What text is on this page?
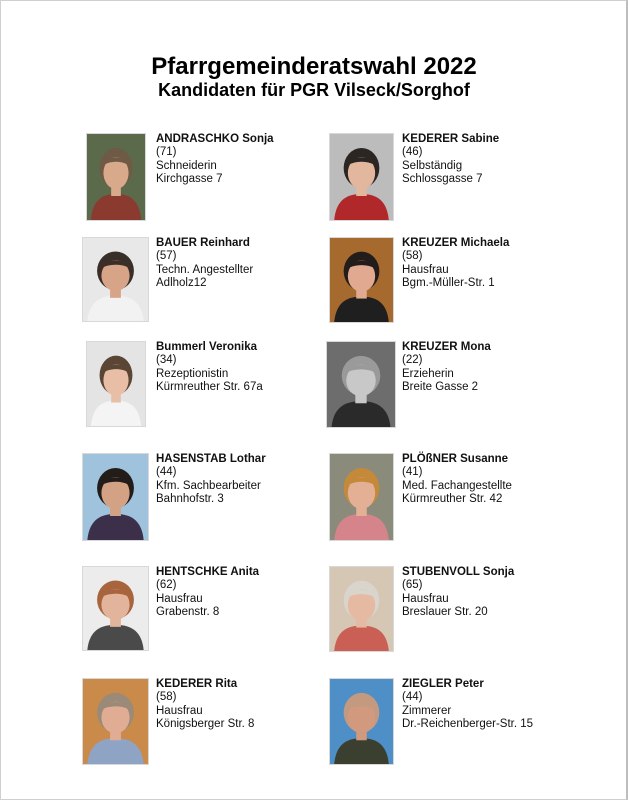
Pfarrgemeinderatswahl 2022
Kandidaten für PGR Vilseck/Sorghof
ANDRASCHKO Sonja
(71)
Schneiderin
Kirchgasse 7
BAUER Reinhard
(57)
Techn. Angestellter
Adlholz12
Bummerl Veronika
(34)
Rezeptionistin
Kürmreuther Str. 67a
HASENSTAB Lothar
(44)
Kfm. Sachbearbeiter
Bahnhofstr. 3
HENTSCHKE Anita
(62)
Hausfrau
Grabenstr. 8
KEDERER Rita
(58)
Hausfrau
Königsberger Str. 8
KEDERER Sabine
(46)
Selbständig
Schlossgasse 7
KREUZER Michaela
(58)
Hausfrau
Bgm.-Müller-Str. 1
KREUZER Mona
(22)
Erzieherin
Breite Gasse 2
PLÖßNER Susanne
(41)
Med. Fachangestellte
Kürmreuther Str. 42
STUBENVOLL Sonja
(65)
Hausfrau
Breslauer Str. 20
ZIEGLER Peter
(44)
Zimmerer
Dr.-Reichenberger-Str. 15
